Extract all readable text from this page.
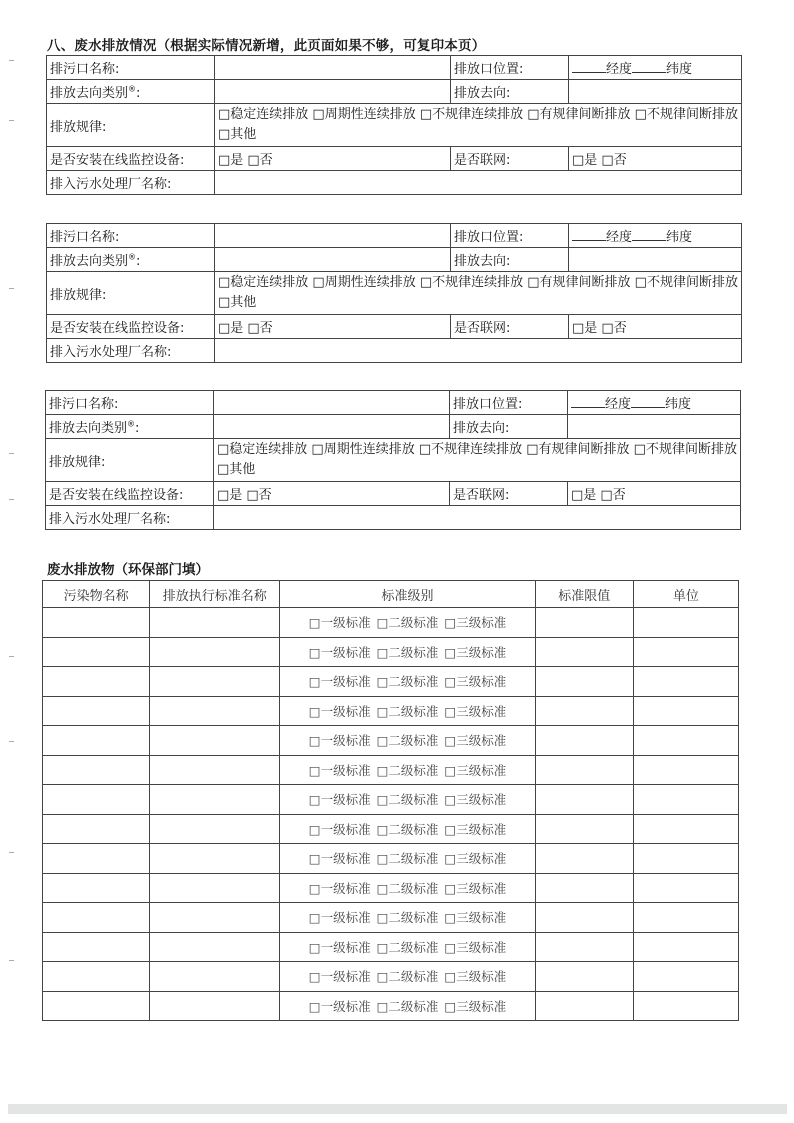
八、废水排放情况（根据实际情况新增，此页面如果不够，可复印本页）
排污口名称:		排放口位置:	经度 纬度
排放去向类别®:		排放去向:	
排放规律:	□稳定连续排放 □周期性连续排放 □不规律连续排放 □有规律间断排放 □不规律间断排放 □其他		
是否安装在线监控设备:	□是 □否	是否联网:	□是 □否
排入污水处理厂名称:			
排污口名称:		排放口位置:	经度 纬度
排放去向类别®:		排放去向:	
排放规律:	□稳定连续排放 □周期性连续排放 □不规律连续排放 □有规律间断排放 □不规律间断排放 □其他		
是否安装在线监控设备:	□是 □否	是否联网:	□是 □否
排入污水处理厂名称:			
排污口名称:		排放口位置:	经度 纬度
排放去向类别®:		排放去向:	
排放规律:	□稳定连续排放 □周期性连续排放 □不规律连续排放 □有规律间断排放 □不规律间断排放 □其他		
是否安装在线监控设备:	□是 □否	是否联网:	□是 □否
排入污水处理厂名称:			
废水排放物（环保部门填）
污染物名称	排放执行标准名称	标准级别	标准限值	单位
		□一级标准 □二级标准 □三级标准		
		□一级标准 □二级标准 □三级标准		
		□一级标准 □二级标准 □三级标准		
		□一级标准 □二级标准 □三级标准		
		□一级标准 □二级标准 □三级标准		
		□一级标准 □二级标准 □三级标准		
		□一级标准 □二级标准 □三级标准		
		□一级标准 □二级标准 □三级标准		
		□一级标准 □二级标准 □三级标准		
		□一级标准 □二级标准 □三级标准		
		□一级标准 □二级标准 □三级标准		
		□一级标准 □二级标准 □三级标准		
		□一级标准 □二级标准 □三级标准		
		□一级标准 □二级标准 □三级标准		
